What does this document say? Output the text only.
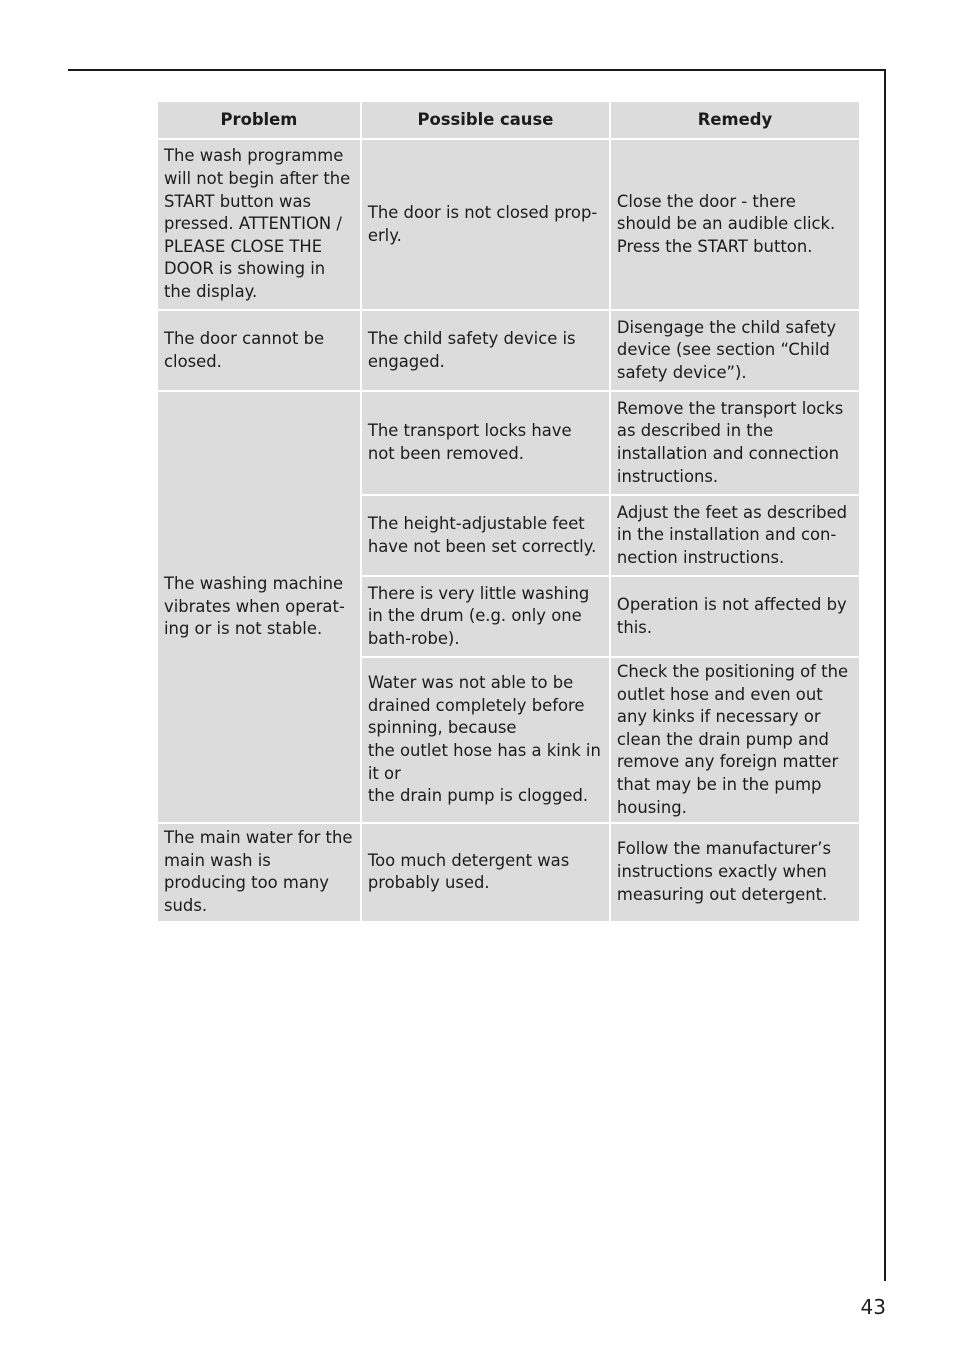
Problem	Possible cause	Remedy
The wash programme will not begin after the START button was pressed. ATTENTION / PLEASE CLOSE THE DOOR is showing in the display.	The door is not closed prop-erly.	Close the door - there should be an audible click. Press the START button.
The door cannot be closed.	The child safety device is engaged.	Disengage the child safety device (see section “Child safety device”).
The washing machine vibrates when operat-ing or is not stable.	The transport locks have not been removed.	Remove the transport locks as described in the installation and connection instructions.
	The height-adjustable feet have not been set correctly.	Adjust the feet as described in the installation and con-nection instructions.
	There is very little washing in the drum (e.g. only one bath-robe).	Operation is not affected by this.
	Water was not able to be drained completely before spinning, because
the outlet hose has a kink in it or
the drain pump is clogged.	Check the positioning of the outlet hose and even out any kinks if necessary or clean the drain pump and remove any foreign matter that may be in the pump housing.
The main water for the main wash is producing too many suds.	Too much detergent was probably used.	Follow the manufacturer’s instructions exactly when measuring out detergent.
43
